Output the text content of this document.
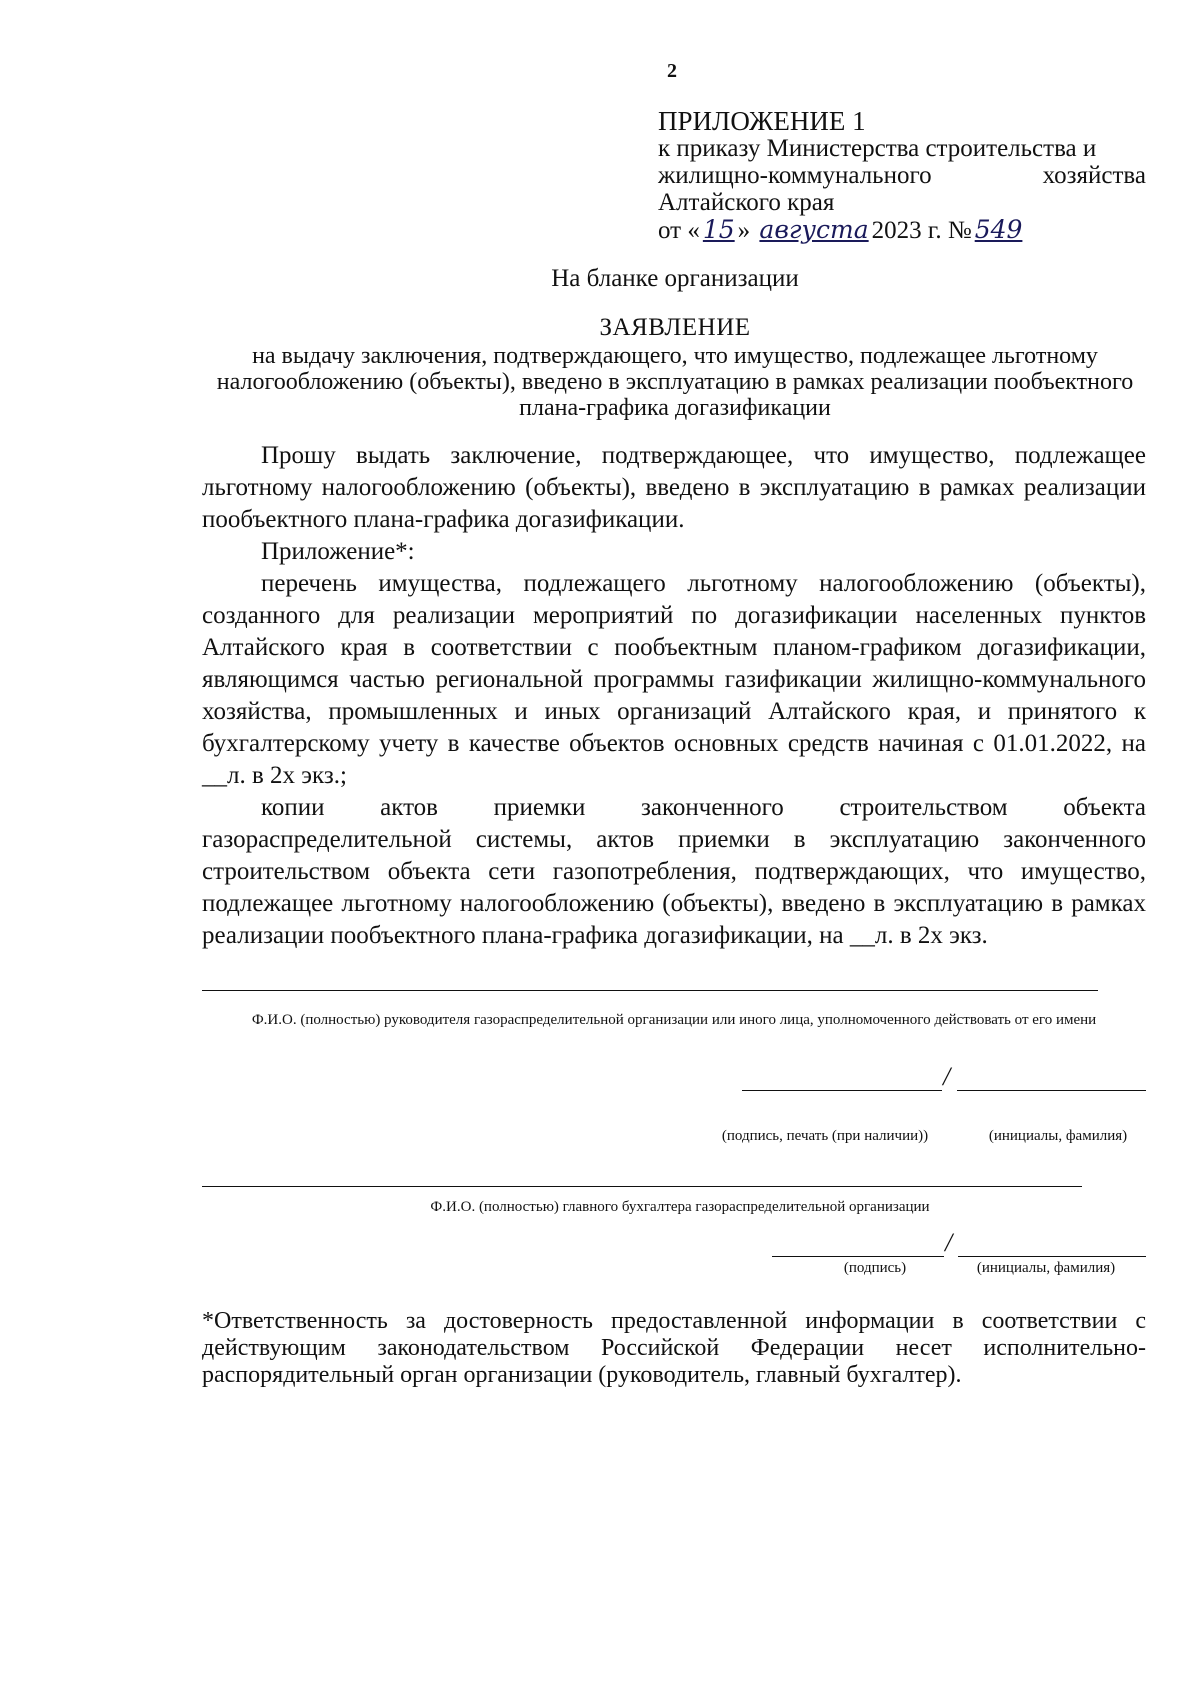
2
ПРИЛОЖЕНИЕ 1
к приказу Министерства строительства и
жилищно-коммунального хозяйства
Алтайского края
от « 15 » августа 2023 г. № 549
На бланке организации
ЗАЯВЛЕНИЕ
на выдачу заключения, подтверждающего, что имущество, подлежащее льготному налогообложению (объекты), введено в эксплуатацию в рамках реализации пообъектного плана-графика догазификации

Прошу выдать заключение, подтверждающее, что имущество, подлежащее льготному налогообложению (объекты), введено в эксплуатацию в рамках реализации пообъектного плана-графика догазификации.

Приложение*:

перечень имущества, подлежащего льготному налогообложению (объекты), созданного для реализации мероприятий по догазификации населенных пунктов Алтайского края в соответствии с пообъектным планом-графиком догазификации, являющимся частью региональной программы газификации жилищно-коммунального хозяйства, промышленных и иных организаций Алтайского края, и принятого к бухгалтерскому учету в качестве объектов основных средств начиная с 01.01.2022, на __л. в 2х экз.;

копии актов приемки законченного строительством объекта газораспределительной системы, актов приемки в эксплуатацию законченного строительством объекта сети газопотребления, подтверждающих, что имущество, подлежащее льготному налогообложению (объекты), введено в эксплуатацию в рамках реализации пообъектного плана-графика догазификации, на __л. в 2х экз.

Ф.И.О. (полностью) руководителя газораспределительной организации или иного лица, уполномоченного действовать от его имени
/
(подпись, печать (при наличии))	(инициалы, фамилия)
Ф.И.О. (полностью) главного бухгалтера газораспределительной организации
/
(подпись)	(инициалы, фамилия)
*Ответственность за достоверность предоставленной информации в соответствии с действующим законодательством Российской Федерации несет исполнительно-распорядительный орган организации (руководитель, главный бухгалтер).
